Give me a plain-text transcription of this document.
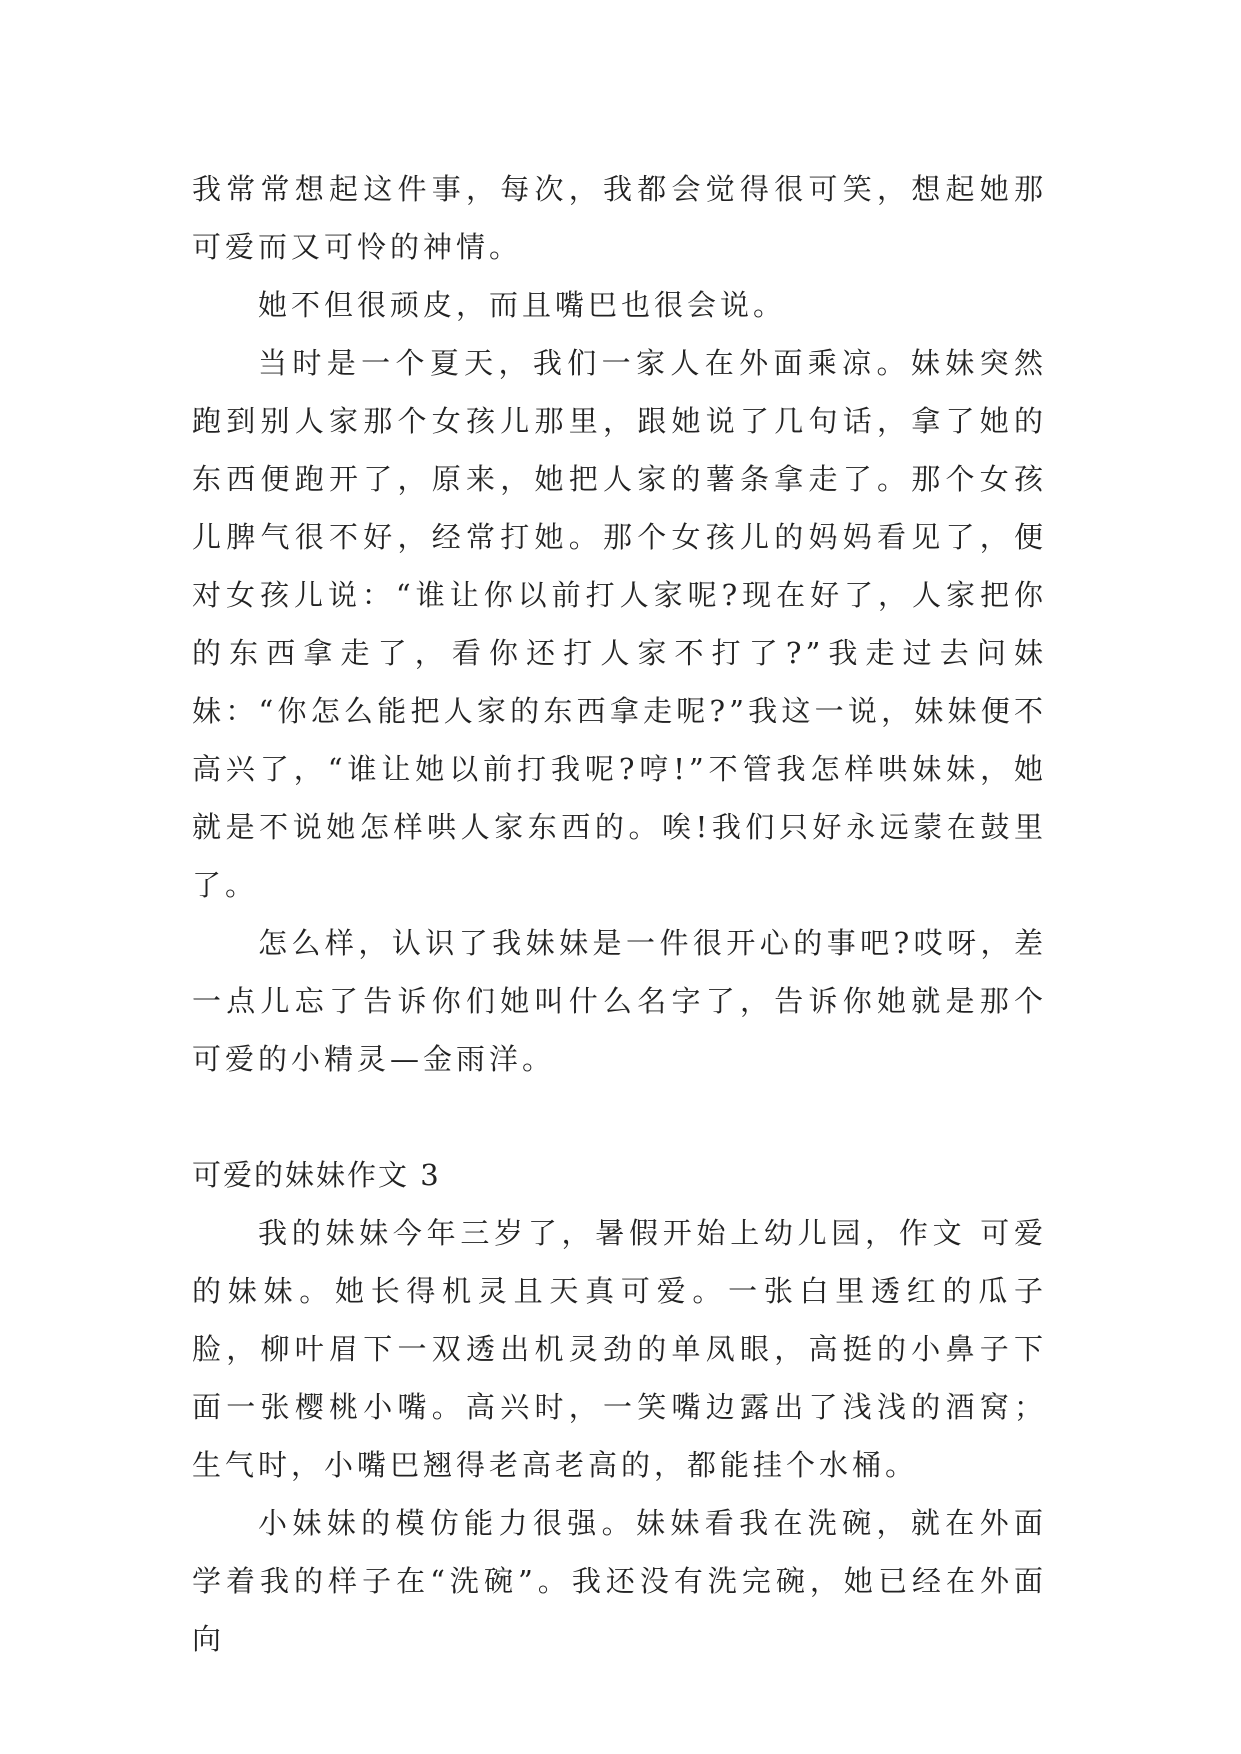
我常常想起这件事，每次，我都会觉得很可笑，想起她那可爱而又可怜的神情。

她不但很顽皮，而且嘴巴也很会说。

当时是一个夏天，我们一家人在外面乘凉。妹妹突然跑到别人家那个女孩儿那里，跟她说了几句话，拿了她的东西便跑开了，原来，她把人家的薯条拿走了。那个女孩儿脾气很不好，经常打她。那个女孩儿的妈妈看见了，便对女孩儿说：“谁让你以前打人家呢?现在好了，人家把你的东西拿走了，看你还打人家不打了?”我走过去问妹妹：“你怎么能把人家的东西拿走呢?”我这一说，妹妹便不高兴了，“谁让她以前打我呢?哼!”不管我怎样哄妹妹，她就是不说她怎样哄人家东西的。唉!我们只好永远蒙在鼓里了。

怎么样，认识了我妹妹是一件很开心的事吧?哎呀，差一点儿忘了告诉你们她叫什么名字了，告诉你她就是那个可爱的小精灵—金雨洋。

可爱的妹妹作文 3

我的妹妹今年三岁了，暑假开始上幼儿园，作文 可爱的妹妹。她长得机灵且天真可爱。一张白里透红的瓜子脸，柳叶眉下一双透出机灵劲的单凤眼，高挺的小鼻子下面一张樱桃小嘴。高兴时，一笑嘴边露出了浅浅的酒窝；生气时，小嘴巴翘得老高老高的，都能挂个水桶。

小妹妹的模仿能力很强。妹妹看我在洗碗，就在外面学着我的样子在“洗碗”。我还没有洗完碗，她已经在外面向
